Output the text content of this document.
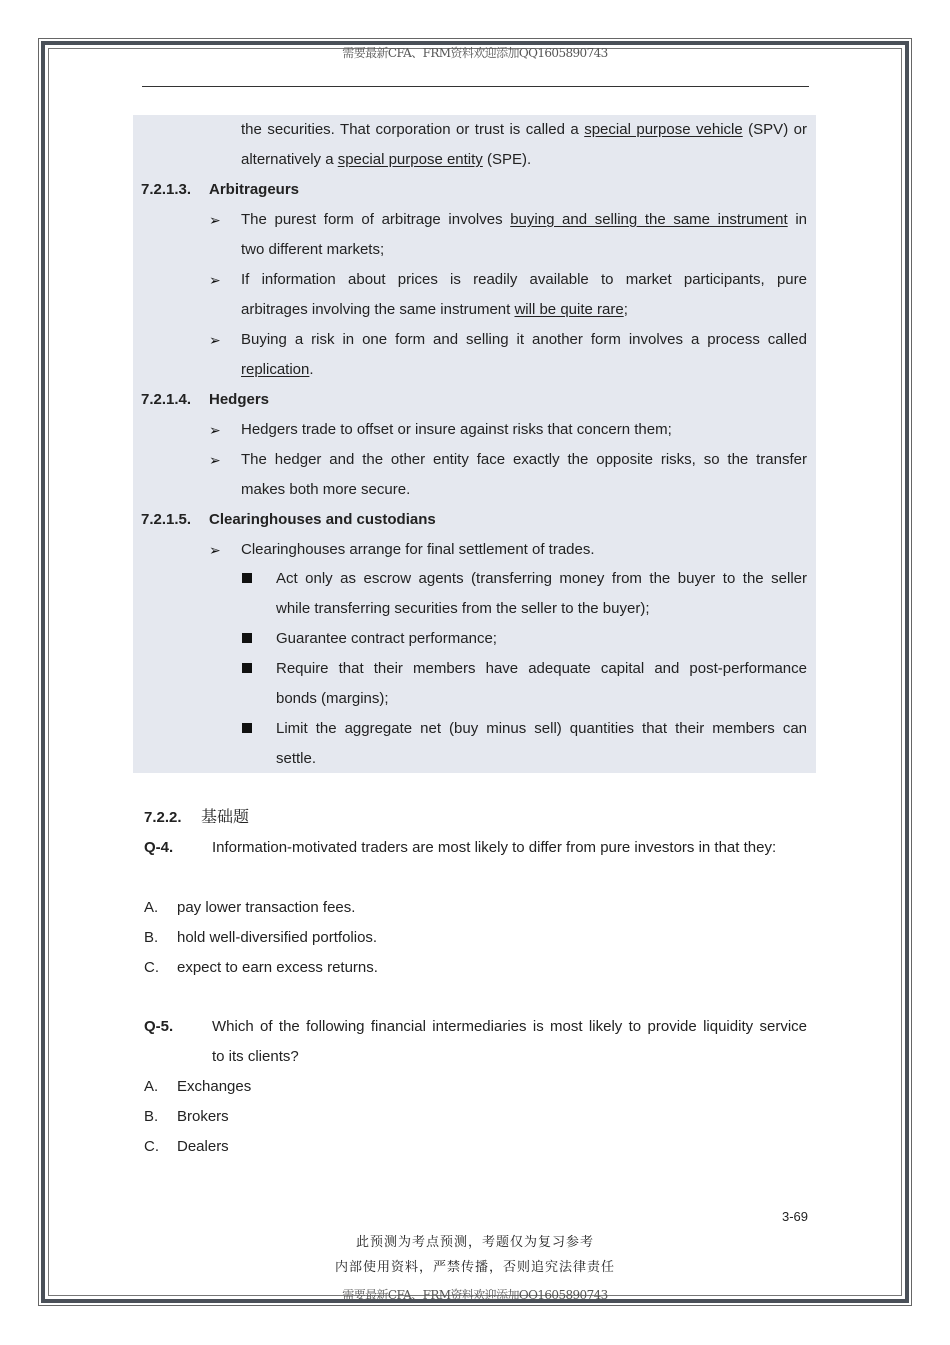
需要最新CFA、FRM资料欢迎添加QQ1605890743
the securities. That corporation or trust is called a special purpose vehicle (SPV) or
alternatively a special purpose entity (SPE).
7.2.1.3. Arbitrageurs
➢ The purest form of arbitrage involves buying and selling the same instrument in
two different markets;
➢ If information about prices is readily available to market participants, pure
arbitrages involving the same instrument will be quite rare;
➢ Buying a risk in one form and selling it another form involves a process called
replication.
7.2.1.4. Hedgers
➢ Hedgers trade to offset or insure against risks that concern them;
➢ The hedger and the other entity face exactly the opposite risks, so the transfer
makes both more secure.
7.2.1.5. Clearinghouses and custodians
➢ Clearinghouses arrange for final settlement of trades.
Act only as escrow agents (transferring money from the buyer to the seller
while transferring securities from the seller to the buyer);
Guarantee contract performance;
Require that their members have adequate capital and post-performance
bonds (margins);
Limit the aggregate net (buy minus sell) quantities that their members can
settle.
7.2.2. 基础题
Q-4.	Information-motivated traders are most likely to differ from pure investors in that they:
A. pay lower transaction fees.
B. hold well-diversified portfolios.
C. expect to earn excess returns.
Q-5.	Which of the following financial intermediaries is most likely to provide liquidity service
to its clients?
A. Exchanges
B. Brokers
C. Dealers
3-69
此预测为考点预测，考题仅为复习参考
内部使用资料，严禁传播，否则追究法律责任
需要最新CFA、FRM资料欢迎添加QQ1605890743
